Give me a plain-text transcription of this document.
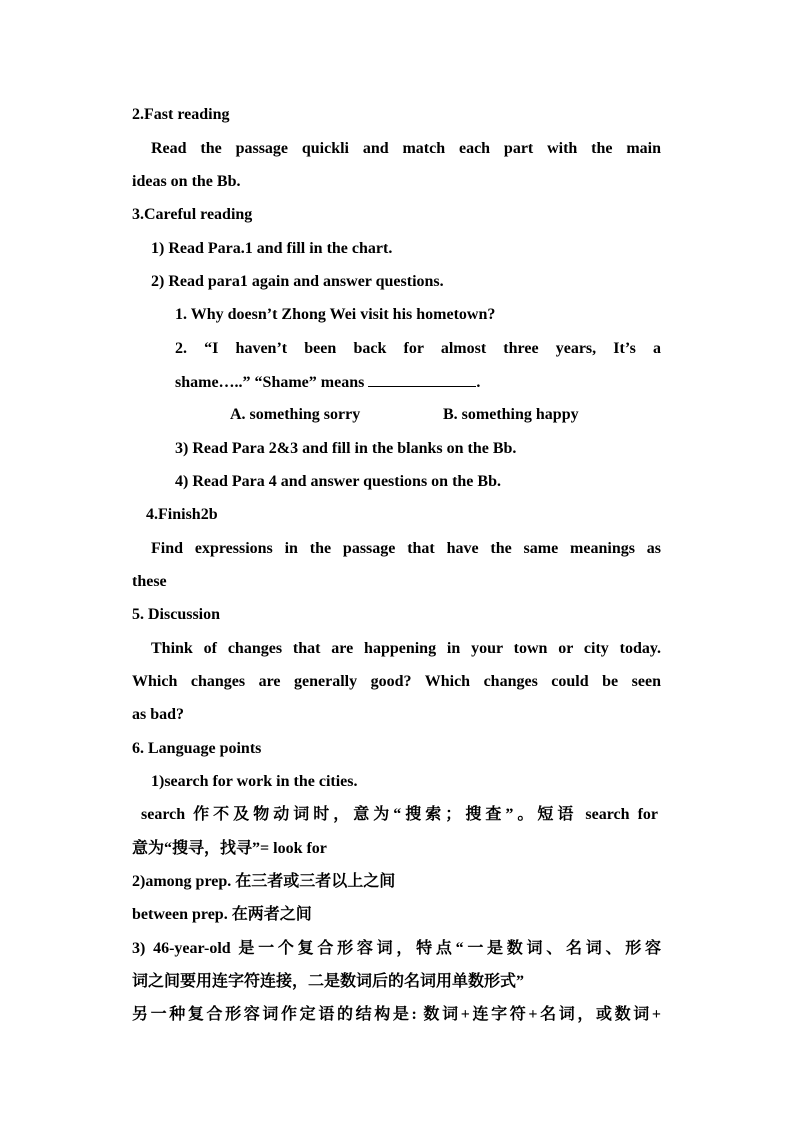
2.Fast reading
Read the passage quickli and match each part with the main
ideas on the Bb.
3.Careful reading
1) Read Para.1 and fill in the chart.
2) Read para1 again and answer questions.
1. Why doesn’t Zhong Wei visit his hometown?
2. “I haven’t been back for almost three years, It’s a
shame…..” “Shame” means	.
A. something sorry	B. something happy
3) Read Para 2&3 and fill in the blanks on the Bb.
4) Read Para 4 and answer questions on the Bb.
4.Finish2b
Find expressions in the passage that have the same meanings as
these
5. Discussion
Think of changes that are happening in your town or city today.
Which changes are generally good? Which changes could be seen
as bad?
6. Language points
1)search for work in the cities.
search 作不及物动词时，意为“搜索；搜查”。短语 search for
意为“搜寻，找寻”= look for
2)among prep. 在三者或三者以上之间
between prep. 在两者之间
3) 46-year-old 是一个复合形容词，特点“一是数词、名词、形容
词之间要用连字符连接，二是数词后的名词用单数形式”
另一种复合形容词作定语的结构是: 数词+连字符+名词，或数词+
